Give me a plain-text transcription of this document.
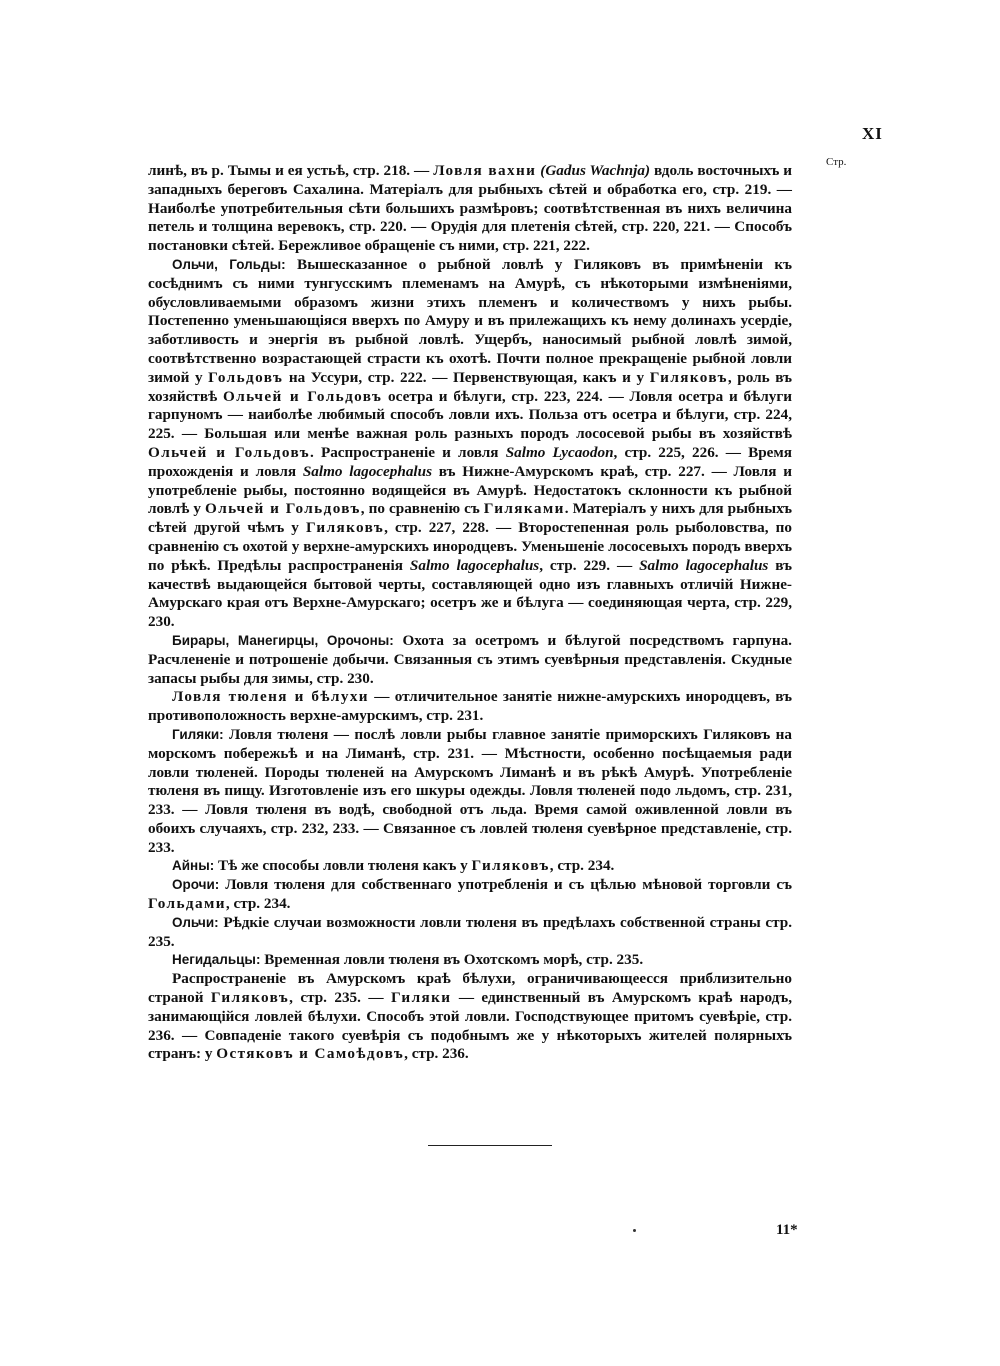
XI
Стр.

линѣ, въ р. Тымы и ея устьѣ, стр. 218. — Ловля вахни (Gadus Wachnja) вдоль восточныхъ и западныхъ береговъ Сахалина. Матеріалъ для рыбныхъ сѣтей и обработка его, стр. 219. — Наиболѣе употребительныя сѣти большихъ размѣровъ; соотвѣтственная въ нихъ величина петель и толщина веревокъ, стр. 220. — Орудія для плетенія сѣтей, стр. 220, 221. — Способъ постановки сѣтей. Бережливое обращеніе съ ними, стр. 221, 222.

Ольчи, Гольды: Вышесказанное о рыбной ловлѣ у Гиляковъ въ примѣненіи къ сосѣднимъ съ ними тунгусскимъ племенамъ на Амурѣ, съ нѣкоторыми измѣненіями, обусловливаемыми образомъ жизни этихъ племенъ и количествомъ у нихъ рыбы. Постепенно уменьшающіяся вверхъ по Амуру и въ прилежащихъ къ нему долинахъ усердіе, заботливость и энергія въ рыбной ловлѣ. Ущербъ, наносимый рыбной ловлѣ зимой, соотвѣтственно возрастающей страсти къ охотѣ. Почти полное прекращеніе рыбной ловли зимой у Гольдовъ на Уссури, стр. 222. — Первенствующая, какъ и у Гиляковъ, роль въ хозяйствѣ Ольчей и Гольдовъ осетра и бѣлуги, стр. 223, 224. — Ловля осетра и бѣлуги гарпуномъ — наиболѣе любимый способъ ловли ихъ. Польза отъ осетра и бѣлуги, стр. 224, 225. — Большая или менѣе важная роль разныхъ породъ лососевой рыбы въ хозяйствѣ Ольчей и Гольдовъ. Распространеніе и ловля Salmo Lycaodon, стр. 225, 226. — Время прохожденія и ловля Salmo lagocephalus въ Нижне-Амурскомъ краѣ, стр. 227. — Ловля и употребленіе рыбы, постоянно водящейся въ Амурѣ. Недостатокъ склонности къ рыбной ловлѣ у Ольчей и Гольдовъ, по сравненію съ Гиляками. Матеріалъ у нихъ для рыбныхъ сѣтей другой чѣмъ у Гиляковъ, стр. 227, 228. — Второстепенная роль рыболовства, по сравненію съ охотой у верхне-амурскихъ инородцевъ. Уменьшеніе лососевыхъ породъ вверхъ по рѣкѣ. Предѣлы распространенія Salmo lagocephalus, стр. 229. — Salmo lagocephalus въ качествѣ выдающейся бытовой черты, составляющей одно изъ главныхъ отличій Нижне-Амурскаго края отъ Верхне-Амурскаго; осетръ же и бѣлуга — соединяющая черта, стр. 229, 230.

Бирары, Манегирцы, Орочоны: Охота за осетромъ и бѣлугой посредствомъ гарпуна. Расчлененіе и потрошеніе добычи. Связанныя съ этимъ суевѣрныя представленія. Скудные запасы рыбы для зимы, стр. 230.

Ловля тюленя и бѣлухи — отличительное занятіе нижне-амурскихъ инородцевъ, въ противоположность верхне-амурскимъ, стр. 231.

Гиляки: Ловля тюленя — послѣ ловли рыбы главное занятіе приморскихъ Гиляковъ на морскомъ побережьѣ и на Лиманѣ, стр. 231. — Мѣстности, особенно посѣщаемыя ради ловли тюленей. Породы тюленей на Амурскомъ Лиманѣ и въ рѣкѣ Амурѣ. Употребленіе тюленя въ пищу. Изготовленіе изъ его шкуры одежды. Ловля тюленей подо льдомъ, стр. 231, 233. — Ловля тюленя въ водѣ, свободной отъ льда. Время самой оживленной ловли въ обоихъ случаяхъ, стр. 232, 233. — Связанное съ ловлей тюленя суевѣрное представленіе, стр. 233.

Айны: Тѣ же способы ловли тюленя какъ у Гиляковъ, стр. 234.

Орочи: Ловля тюленя для собственнаго употребленія и съ цѣлью мѣновой торговли съ Гольдами, стр. 234.

Ольчи: Рѣдкіе случаи возможности ловли тюленя въ предѣлахъ собственной страны стр. 235.

Негидальцы: Временная ловли тюленя въ Охотскомъ морѣ, стр. 235.

Распространеніе въ Амурскомъ краѣ бѣлухи, ограничивающеесся приблизительно страной Гиляковъ, стр. 235. — Гиляки — единственный въ Амурскомъ краѣ народъ, занимающійся ловлей бѣлухи. Способъ этой ловли. Господствующее притомъ суевѣріе, стр. 236. — Совпаденіе такого суевѣрія съ подобнымъ же у нѣкоторыхъ жителей полярныхъ странъ: у Остяковъ и Самоѣдовъ, стр. 236.

11*
